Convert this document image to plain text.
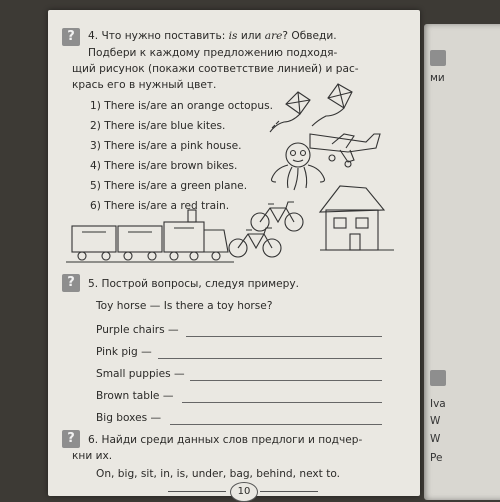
ми
Iva
W
W
Pe
?	4. Что нужно поставить: is или are? Обведи.
Подбери к каждому предложению подходя-
щий рисунок (покажи соответствие линией) и рас-
крась его в нужный цвет.
1) There is/are an orange octopus.
2) There is/are blue kites.
3) There is/are a pink house.
4) There is/are brown bikes.
5) There is/are a green plane.
6) There is/are a red train.
?	5. Построй вопросы, следуя примеру.
Toy horse — Is there a toy horse?
Purple chairs —
Pink pig —
Small puppies —
Brown table —
Big boxes —
?	6. Найди среди данных слов предлоги и подчер-
кни их.
On, big, sit, in, is, under, bag, behind, next to.
10
